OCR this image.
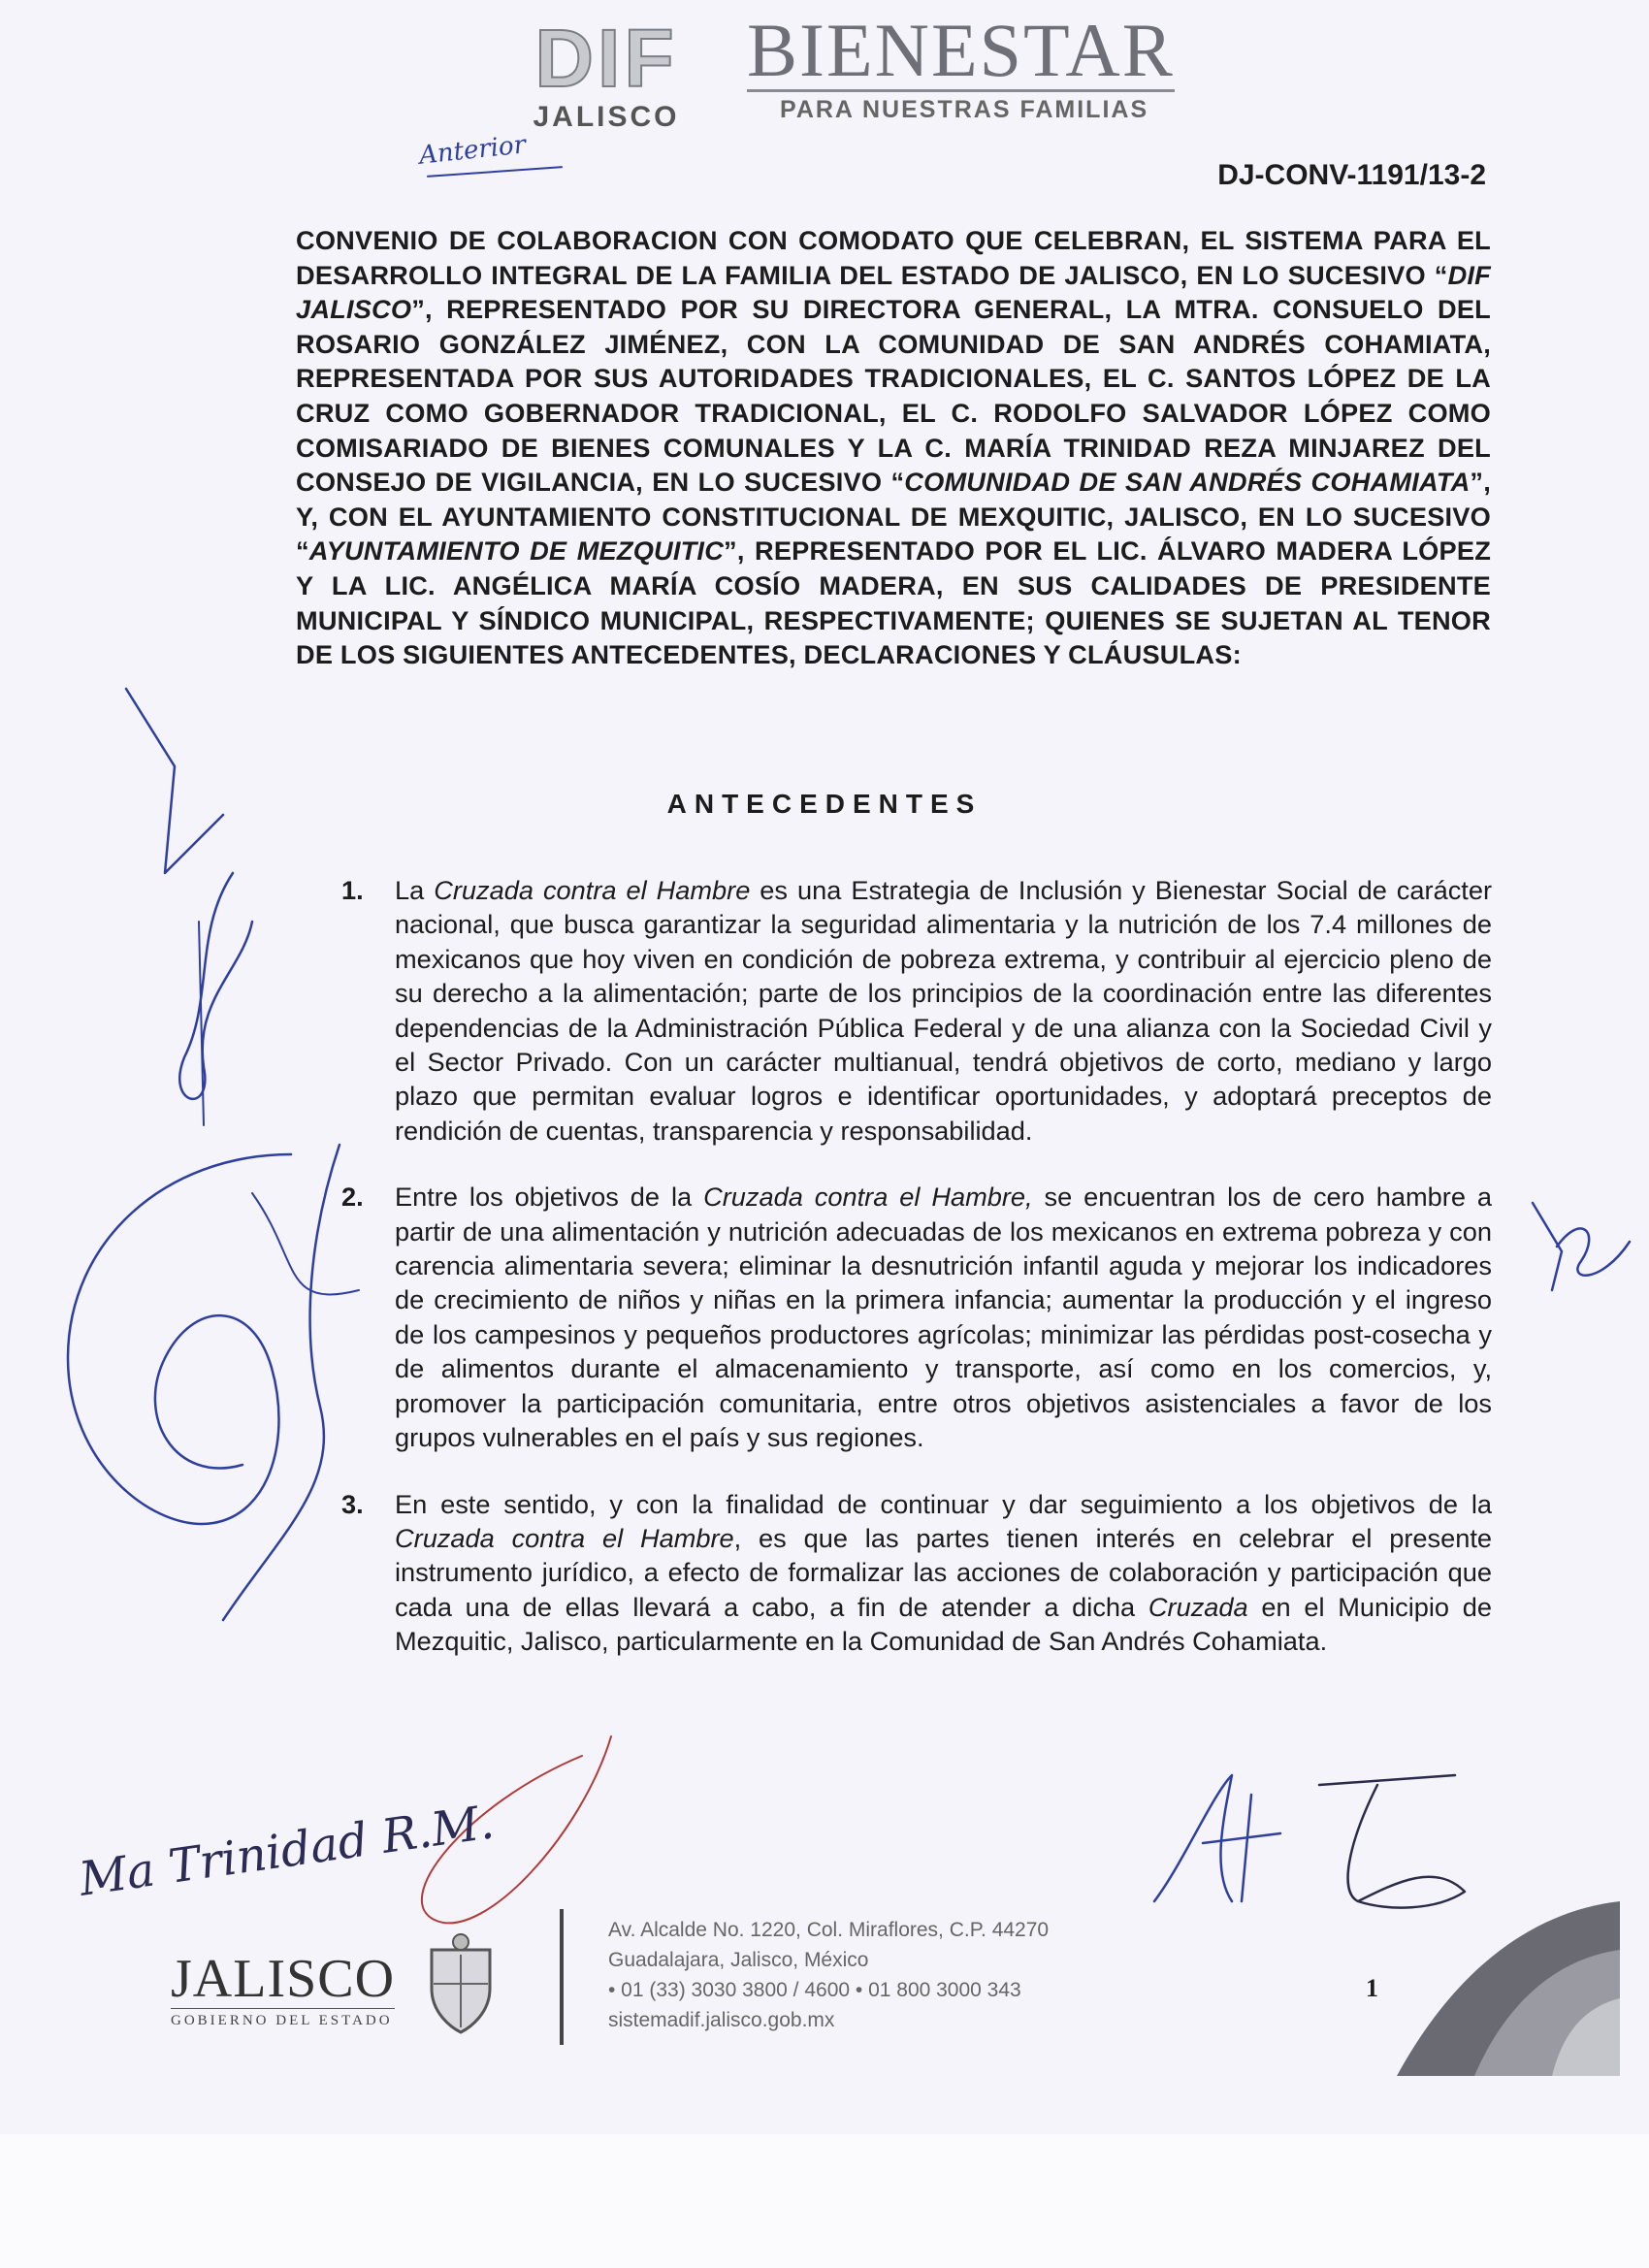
DIF
JALISCO
BIENESTAR
PARA NUESTRAS FAMILIAS
Anterior
DJ-CONV-1191/13-2
CONVENIO DE COLABORACION CON COMODATO QUE CELEBRAN, EL SISTEMA PARA EL DESARROLLO INTEGRAL DE LA FAMILIA DEL ESTADO DE JALISCO, EN LO SUCESIVO “DIF JALISCO”, REPRESENTADO POR SU DIRECTORA GENERAL, LA MTRA. CONSUELO DEL ROSARIO GONZÁLEZ JIMÉNEZ, CON LA COMUNIDAD DE SAN ANDRÉS COHAMIATA, REPRESENTADA POR SUS AUTORIDADES TRADICIONALES, EL C. SANTOS LÓPEZ DE LA CRUZ COMO GOBERNADOR TRADICIONAL, EL C. RODOLFO SALVADOR LÓPEZ COMO COMISARIADO DE BIENES COMUNALES Y LA C. MARÍA TRINIDAD REZA MINJAREZ DEL CONSEJO DE VIGILANCIA, EN LO SUCESIVO “COMUNIDAD DE SAN ANDRÉS COHAMIATA”, Y, CON EL AYUNTAMIENTO CONSTITUCIONAL DE MEXQUITIC, JALISCO, EN LO SUCESIVO “AYUNTAMIENTO DE MEZQUITIC”, REPRESENTADO POR EL LIC. ÁLVARO MADERA LÓPEZ Y LA LIC. ANGÉLICA MARÍA COSÍO MADERA, EN SUS CALIDADES DE PRESIDENTE MUNICIPAL Y SÍNDICO MUNICIPAL, RESPECTIVAMENTE; QUIENES SE SUJETAN AL TENOR DE LOS SIGUIENTES ANTECEDENTES, DECLARACIONES Y CLÁUSULAS:
ANTECEDENTES
1. La Cruzada contra el Hambre es una Estrategia de Inclusión y Bienestar Social de carácter nacional, que busca garantizar la seguridad alimentaria y la nutrición de los 7.4 millones de mexicanos que hoy viven en condición de pobreza extrema, y contribuir al ejercicio pleno de su derecho a la alimentación; parte de los principios de la coordinación entre las diferentes dependencias de la Administración Pública Federal y de una alianza con la Sociedad Civil y el Sector Privado. Con un carácter multianual, tendrá objetivos de corto, mediano y largo plazo que permitan evaluar logros e identificar oportunidades, y adoptará preceptos de rendición de cuentas, transparencia y responsabilidad.
2. Entre los objetivos de la Cruzada contra el Hambre, se encuentran los de cero hambre a partir de una alimentación y nutrición adecuadas de los mexicanos en extrema pobreza y con carencia alimentaria severa; eliminar la desnutrición infantil aguda y mejorar los indicadores de crecimiento de niños y niñas en la primera infancia; aumentar la producción y el ingreso de los campesinos y pequeños productores agrícolas; minimizar las pérdidas post-cosecha y de alimentos durante el almacenamiento y transporte, así como en los comercios, y, promover la participación comunitaria, entre otros objetivos asistenciales a favor de los grupos vulnerables en el país y sus regiones.
3. En este sentido, y con la finalidad de continuar y dar seguimiento a los objetivos de la Cruzada contra el Hambre, es que las partes tienen interés en celebrar el presente instrumento jurídico, a efecto de formalizar las acciones de colaboración y participación que cada una de ellas llevará a cabo, a fin de atender a dicha Cruzada en el Municipio de Mezquitic, Jalisco, particularmente en la Comunidad de San Andrés Cohamiata.
Ma Trinidad R.M.
JALISCO
GOBIERNO DEL ESTADO
Av. Alcalde No. 1220, Col. Miraflores, C.P. 44270
Guadalajara, Jalisco, México
• 01 (33) 3030 3800 / 4600 • 01 800 3000 343
sistemadif.jalisco.gob.mx
1
